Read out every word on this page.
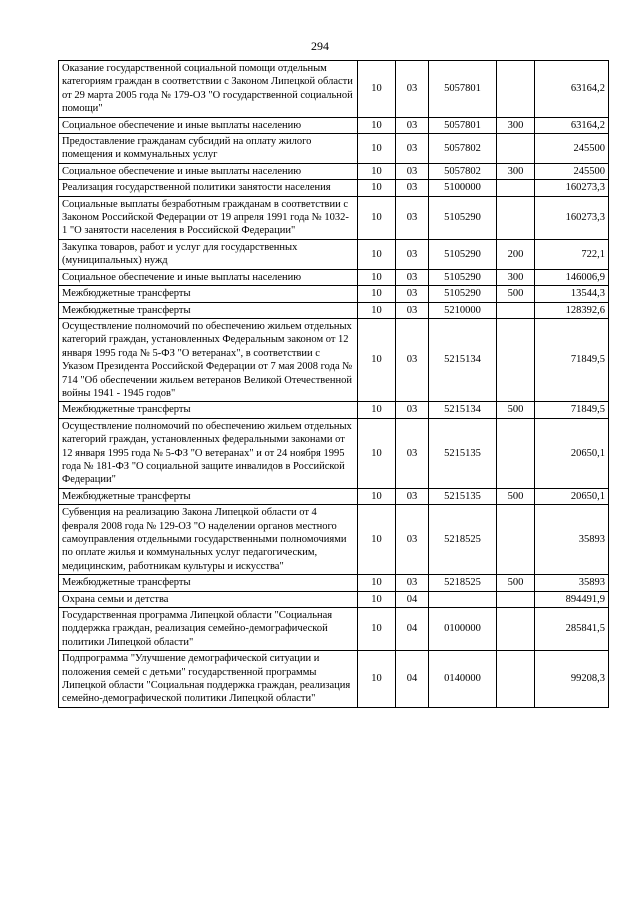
294
Оказание государственной социальной помощи отдельным категориям граждан в соответствии с Законом Липецкой области от 29 марта 2005 года № 179-ОЗ "О государственной социальной помощи"	10	03	5057801		63164,2
Социальное обеспечение и иные выплаты населению	10	03	5057801	300	63164,2
Предоставление гражданам субсидий на оплату жилого помещения и коммунальных услуг	10	03	5057802		245500
Социальное обеспечение и иные выплаты населению	10	03	5057802	300	245500
Реализация государственной политики занятости населения	10	03	5100000		160273,3
Социальные выплаты безработным гражданам в соответствии с Законом Российской Федерации от 19 апреля 1991 года № 1032-1 "О занятости населения в Российской Федерации"	10	03	5105290		160273,3
Закупка товаров, работ и услуг для государственных (муниципальных) нужд	10	03	5105290	200	722,1
Социальное обеспечение и иные выплаты населению	10	03	5105290	300	146006,9
Межбюджетные трансферты	10	03	5105290	500	13544,3
Межбюджетные трансферты	10	03	5210000		128392,6
Осуществление полномочий по обеспечению жильем отдельных категорий граждан, установленных Федеральным законом от 12 января 1995 года № 5-ФЗ "О ветеранах", в соответствии с Указом Президента Российской Федерации от 7 мая 2008 года № 714 "Об обеспечении жильем ветеранов Великой Отечественной войны 1941 - 1945 годов"	10	03	5215134		71849,5
Межбюджетные трансферты	10	03	5215134	500	71849,5
Осуществление полномочий по обеспечению жильем отдельных категорий граждан, установленных федеральными законами от 12 января 1995 года № 5-ФЗ "О ветеранах" и от 24 ноября 1995 года № 181-ФЗ "О социальной защите инвалидов в Российской Федерации"	10	03	5215135		20650,1
Межбюджетные трансферты	10	03	5215135	500	20650,1
Субвенция на реализацию Закона Липецкой области от 4 февраля 2008 года № 129-ОЗ "О наделении органов местного самоуправления отдельными государственными полномочиями по оплате жилья и коммунальных услуг педагогическим, медицинским, работникам культуры и искусства"	10	03	5218525		35893
Межбюджетные трансферты	10	03	5218525	500	35893
Охрана семьи и детства	10	04			894491,9
Государственная программа Липецкой области "Социальная поддержка граждан, реализация семейно-демографической политики Липецкой области"	10	04	0100000		285841,5
Подпрограмма "Улучшение демографической ситуации и положения семей с детьми" государственной программы Липецкой области "Социальная поддержка граждан, реализация семейно-демографической политики Липецкой области"	10	04	0140000		99208,3
